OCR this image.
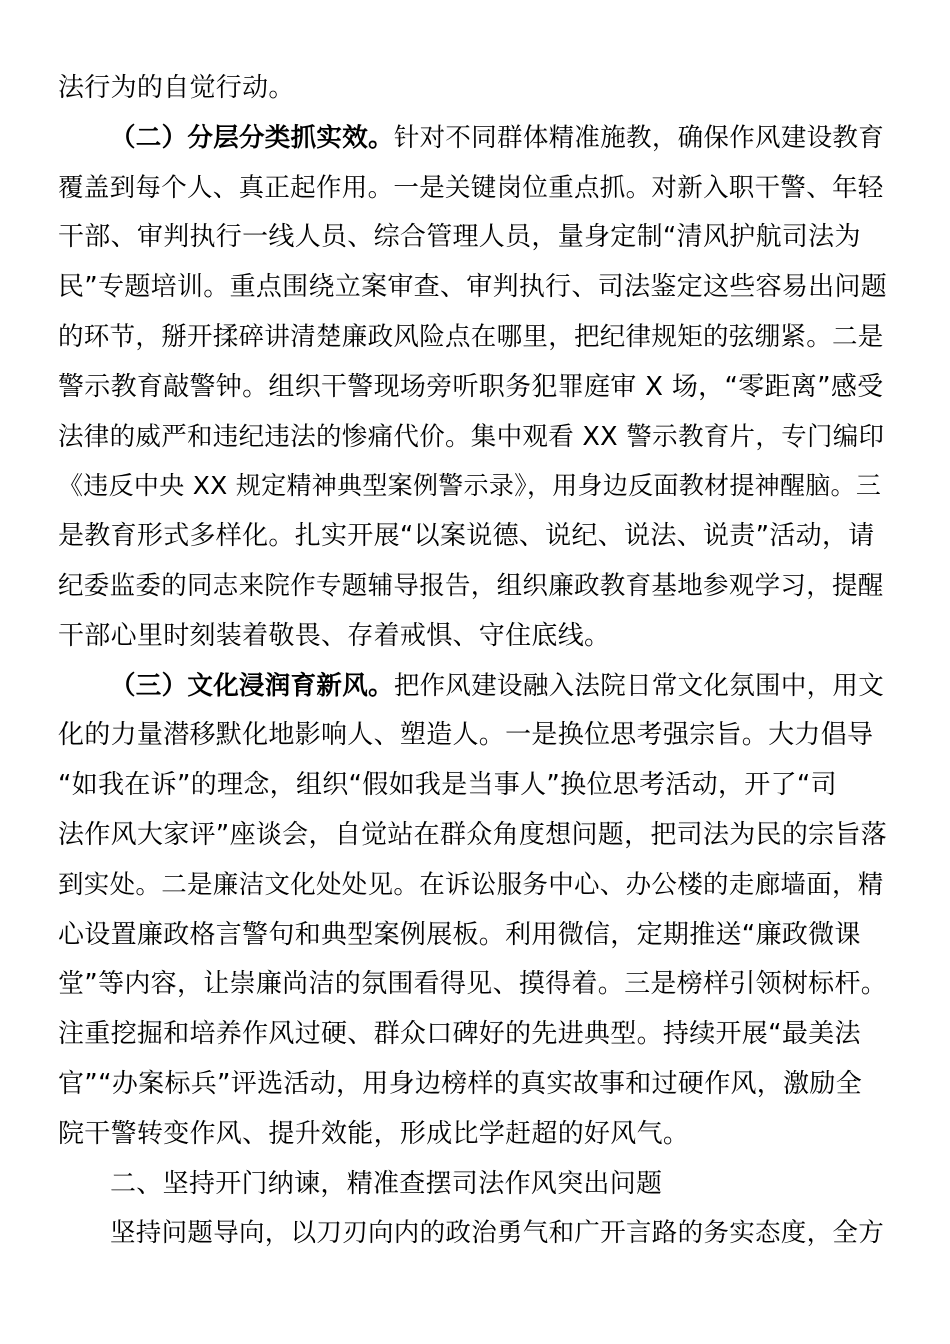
法行为的自觉行动。
（二）分层分类抓实效。针对不同群体精准施教，确保作风建设教育
覆盖到每个人、真正起作用。一是关键岗位重点抓。对新入职干警、年轻
干部、审判执行一线人员、综合管理人员，量身定制“清风护航司法为
民”专题培训。重点围绕立案审查、审判执行、司法鉴定这些容易出问题
的环节，掰开揉碎讲清楚廉政风险点在哪里，把纪律规矩的弦绷紧。二是
警示教育敲警钟。组织干警现场旁听职务犯罪庭审 X 场，“零距离”感受
法律的威严和违纪违法的惨痛代价。集中观看 XX 警示教育片，专门编印
《违反中央 XX 规定精神典型案例警示录》，用身边反面教材提神醒脑。三
是教育形式多样化。扎实开展“以案说德、说纪、说法、说责”活动，请
纪委监委的同志来院作专题辅导报告，组织廉政教育基地参观学习，提醒
干部心里时刻装着敬畏、存着戒惧、守住底线。
（三）文化浸润育新风。把作风建设融入法院日常文化氛围中，用文
化的力量潜移默化地影响人、塑造人。一是换位思考强宗旨。大力倡导
“如我在诉”的理念，组织“假如我是当事人”换位思考活动，开了“司
法作风大家评”座谈会，自觉站在群众角度想问题，把司法为民的宗旨落
到实处。二是廉洁文化处处见。在诉讼服务中心、办公楼的走廊墙面，精
心设置廉政格言警句和典型案例展板。利用微信，定期推送“廉政微课
堂”等内容，让崇廉尚洁的氛围看得见、摸得着。三是榜样引领树标杆。
注重挖掘和培养作风过硬、群众口碑好的先进典型。持续开展“最美法
官”“办案标兵”评选活动，用身边榜样的真实故事和过硬作风，激励全
院干警转变作风、提升效能，形成比学赶超的好风气。
二、坚持开门纳谏，精准查摆司法作风突出问题
坚持问题导向，以刀刃向内的政治勇气和广开言路的务实态度，全方
